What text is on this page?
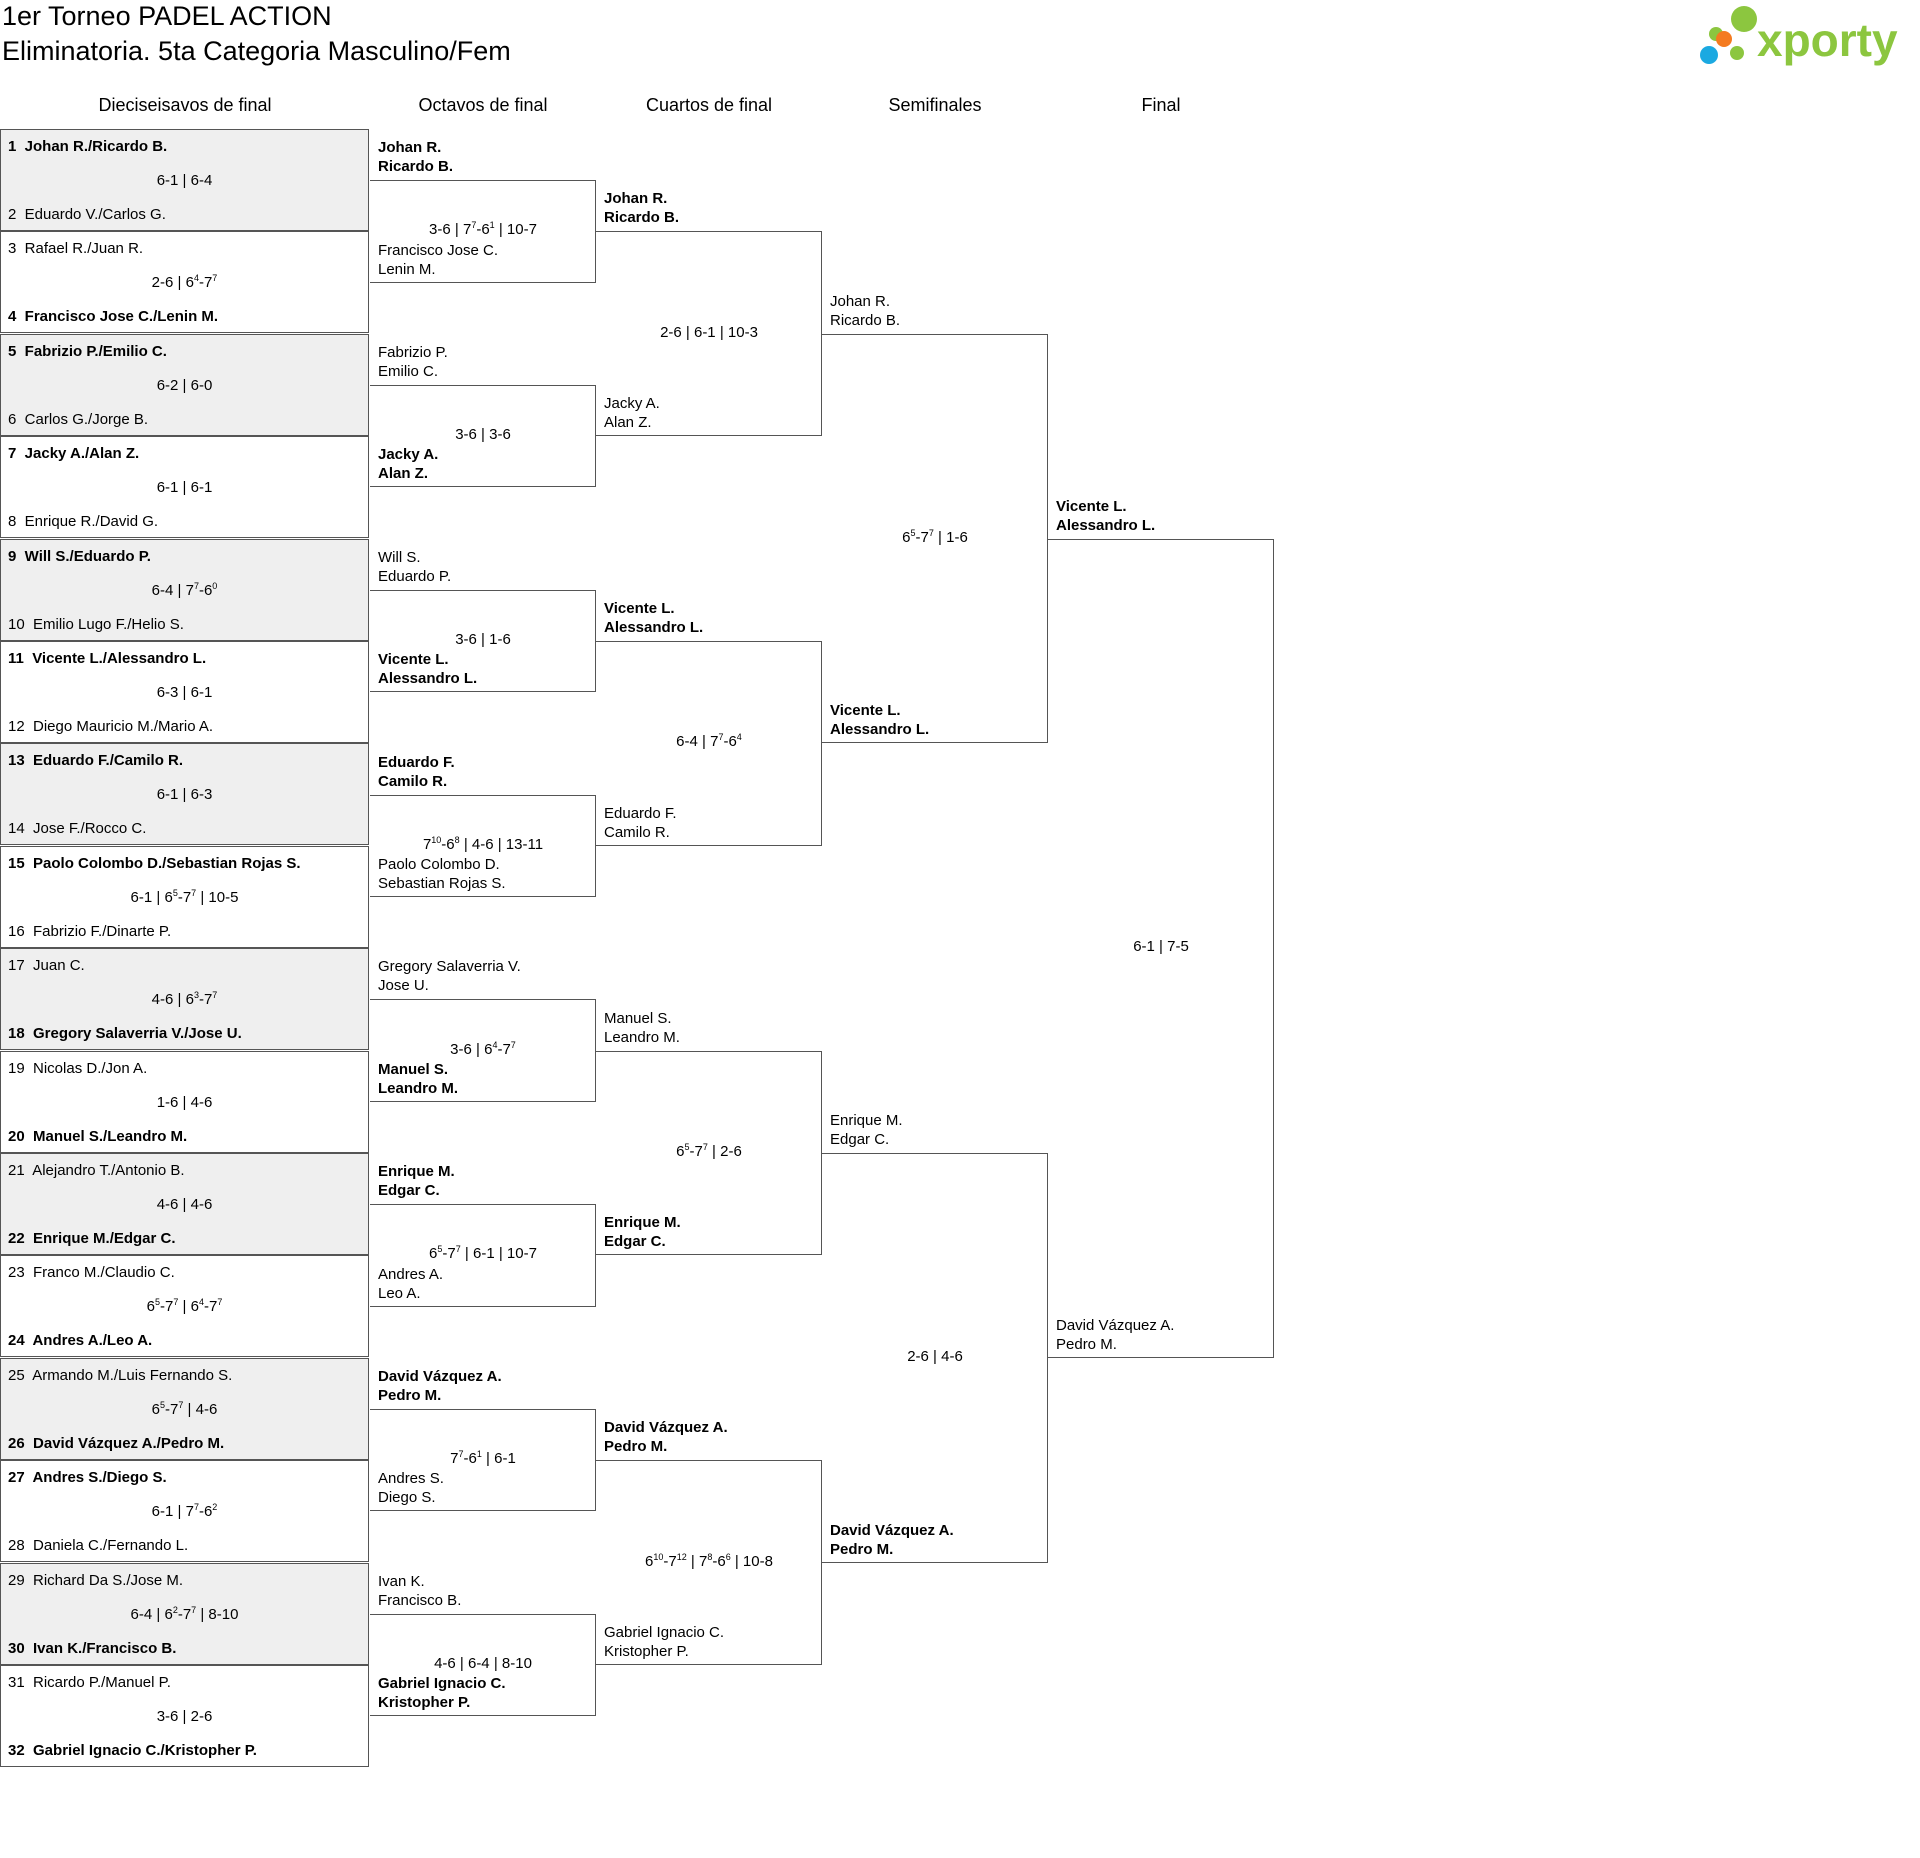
1er Torneo PADEL ACTION
Eliminatoria. 5ta Categoria Masculino/Fem	xporty
Dieciseisavos de final	Octavos de final	Cuartos de final	Semifinales	Final
1  Johan R./Ricardo B.
6-1 | 6-4
2  Eduardo V./Carlos G.
3  Rafael R./Juan R.
2-6 | $6^4-7^7$
4  Francisco Jose C./Lenin M.
5  Fabrizio P./Emilio C.
6-2 | 6-0
6  Carlos G./Jorge B.
7  Jacky A./Alan Z.
6-1 | 6-1
8  Enrique R./David G.
9  Will S./Eduardo P.
6-4 | $7^7-6^0$
10  Emilio Lugo F./Helio S.
11  Vicente L./Alessandro L.
6-3 | 6-1
12  Diego Mauricio M./Mario A.
13  Eduardo F./Camilo R.
6-1 | 6-3
14  Jose F./Rocco C.
15  Paolo Colombo D./Sebastian Rojas S.
6-1 | $6^5-7^7$ | 10-5
16  Fabrizio F./Dinarte P.
17  Juan C.
4-6 | $6^3-7^7$
18  Gregory Salaverria V./Jose U.
19  Nicolas D./Jon A.
1-6 | 4-6
20  Manuel S./Leandro M.
21  Alejandro T./Antonio B.
4-6 | 4-6
22  Enrique M./Edgar C.
23  Franco M./Claudio C.
$6^5-7^7$ | $6^4-7^7$
24  Andres A./Leo A.
25  Armando M./Luis Fernando S.
$6^5-7^7$ | 4-6
26  David Vázquez A./Pedro M.
27  Andres S./Diego S.
6-1 | $7^7-6^2$
28  Daniela C./Fernando L.
29  Richard Da S./Jose M.
6-4 | $6^2-7^7$ | 8-10
30  Ivan K./Francisco B.
31  Ricardo P./Manuel P.
3-6 | 2-6
32  Gabriel Ignacio C./Kristopher P.
Johan R.
Ricardo B.
Francisco Jose C.
Lenin M.
3-6 | $7^7-6^1$ | 10-7
Fabrizio P.
Emilio C.
Jacky A.
Alan Z.
3-6 | 3-6
Will S.
Eduardo P.
Vicente L.
Alessandro L.
3-6 | 1-6
Eduardo F.
Camilo R.
Paolo Colombo D.
Sebastian Rojas S.
$7^{10}-6^8$ | 4-6 | 13-11
Gregory Salaverria V.
Jose U.
Manuel S.
Leandro M.
3-6 | $6^4-7^7$
Enrique M.
Edgar C.
Andres A.
Leo A.
$6^5-7^7$ | 6-1 | 10-7
David Vázquez A.
Pedro M.
Andres S.
Diego S.
$7^7-6^1$ | 6-1
Ivan K.
Francisco B.
Gabriel Ignacio C.
Kristopher P.
4-6 | 6-4 | 8-10
Johan R.
Ricardo B.
Jacky A.
Alan Z.
2-6 | 6-1 | 10-3
Vicente L.
Alessandro L.
Eduardo F.
Camilo R.
6-4 | $7^7-6^4$
Manuel S.
Leandro M.
Enrique M.
Edgar C.
$6^5-7^7$ | 2-6
David Vázquez A.
Pedro M.
Gabriel Ignacio C.
Kristopher P.
$6^{10}-7^{12}$ | $7^8-6^6$ | 10-8
Johan R.
Ricardo B.
Vicente L.
Alessandro L.
$6^5-7^7$ | 1-6
Enrique M.
Edgar C.
David Vázquez A.
Pedro M.
2-6 | 4-6
Vicente L.
Alessandro L.
David Vázquez A.
Pedro M.
6-1 | 7-5
